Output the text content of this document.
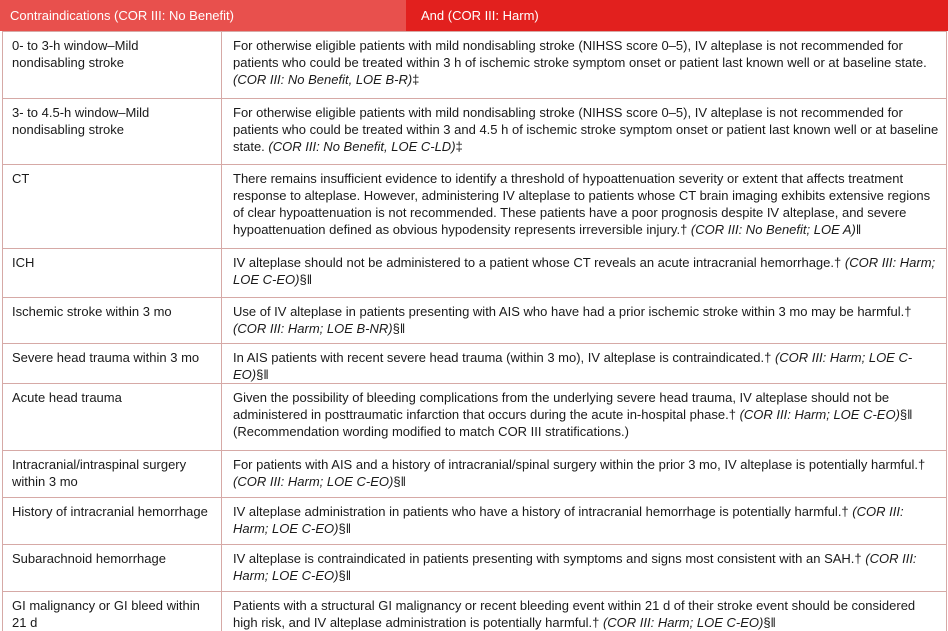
Contraindications (COR III: No Benefit)	And (COR III: Harm)
0- to 3-h window–Mild nondisabling stroke	For otherwise eligible patients with mild nondisabling stroke (NIHSS score 0–5), IV alteplase is not recommended for patients who could be treated within 3 h of ischemic stroke symptom onset or patient last known well or at baseline state. (COR III: No Benefit, LOE B-R)‡
3- to 4.5-h window–Mild nondisabling stroke	For otherwise eligible patients with mild nondisabling stroke (NIHSS score 0–5), IV alteplase is not recommended for patients who could be treated within 3 and 4.5 h of ischemic stroke symptom onset or patient last known well or at baseline state. (COR III: No Benefit, LOE C-LD)‡
CT	There remains insufficient evidence to identify a threshold of hypoattenuation severity or extent that affects treatment response to alteplase. However, administering IV alteplase to patients whose CT brain imaging exhibits extensive regions of clear hypoattenuation is not recommended. These patients have a poor prognosis despite IV alteplase, and severe hypoattenuation defined as obvious hypodensity represents irreversible injury.† (COR III: No Benefit; LOE A)ǁ
ICH	IV alteplase should not be administered to a patient whose CT reveals an acute intracranial hemorrhage.† (COR III: Harm; LOE C-EO)§ǁ
Ischemic stroke within 3 mo	Use of IV alteplase in patients presenting with AIS who have had a prior ischemic stroke within 3 mo may be harmful.† (COR III: Harm; LOE B-NR)§ǁ
Severe head trauma within 3 mo	In AIS patients with recent severe head trauma (within 3 mo), IV alteplase is contraindicated.† (COR III: Harm; LOE C-EO)§ǁ
Acute head trauma	Given the possibility of bleeding complications from the underlying severe head trauma, IV alteplase should not be administered in posttraumatic infarction that occurs during the acute in-hospital phase.† (COR III: Harm; LOE C-EO)§ǁ (Recommendation wording modified to match COR III stratifications.)
Intracranial/intraspinal surgery within 3 mo	For patients with AIS and a history of intracranial/spinal surgery within the prior 3 mo, IV alteplase is potentially harmful.† (COR III: Harm; LOE C-EO)§ǁ
History of intracranial hemorrhage	IV alteplase administration in patients who have a history of intracranial hemorrhage is potentially harmful.† (COR III: Harm; LOE C-EO)§ǁ
Subarachnoid hemorrhage	IV alteplase is contraindicated in patients presenting with symptoms and signs most consistent with an SAH.† (COR III: Harm; LOE C-EO)§ǁ
GI malignancy or GI bleed within 21 d	Patients with a structural GI malignancy or recent bleeding event within 21 d of their stroke event should be considered high risk, and IV alteplase administration is potentially harmful.† (COR III: Harm; LOE C-EO)§ǁ
